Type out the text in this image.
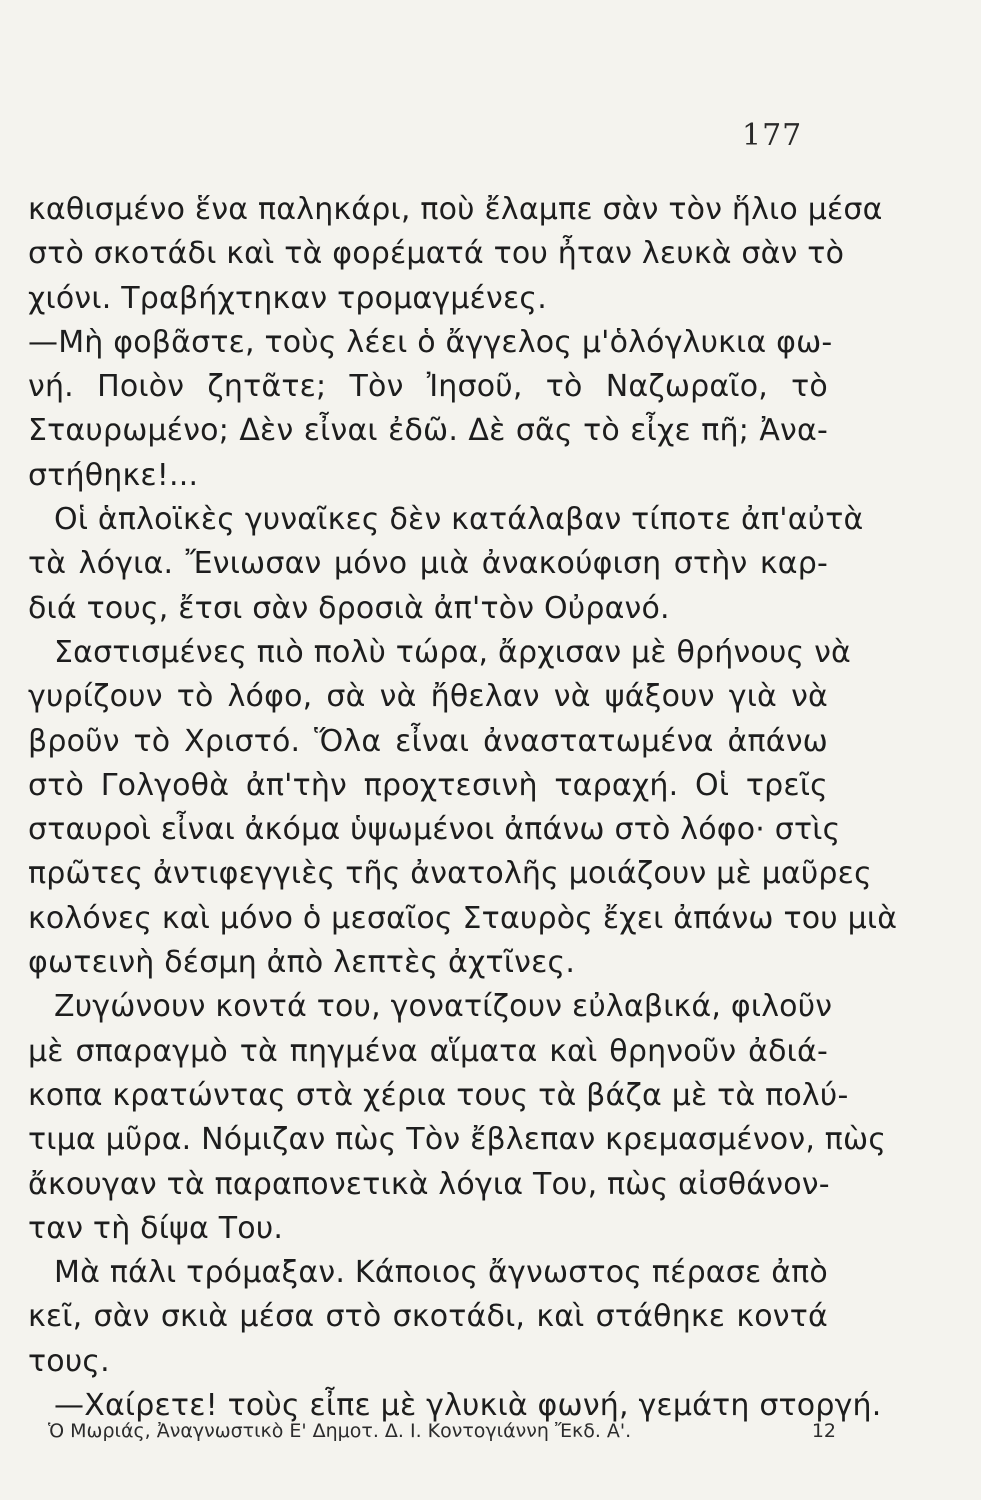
177
καθισμένο ἕνα παληκάρι, ποὺ ἔλαμπε σὰν τὸν ἥλιο μέσα
στὸ σκοτάδι καὶ τὰ φορέματά του ἦταν λευκὰ σὰν τὸ
χιόνι. Τραβήχτηκαν τρομαγμένες.
—Μὴ φοβᾶστε, τοὺς λέει ὁ ἄγγελος μ'ὁλόγλυκια φω-
νή. Ποιὸν ζητᾶτε; Τὸν Ἰησοῦ, τὸ Ναζωραῖο, τὸ
Σταυρωμένο; Δὲν εἶναι ἐδῶ. Δὲ σᾶς τὸ εἶχε πῆ; Ἀνα-
στήθηκε!...
Οἱ ἁπλοϊκὲς γυναῖκες δὲν κατάλαβαν τίποτε ἀπ'αὐτὰ
τὰ λόγια. Ἔνιωσαν μόνο μιὰ ἀνακούφιση στὴν καρ-
διά τους, ἔτσι σὰν δροσιὰ ἀπ'τὸν Οὐρανό.
Σαστισμένες πιὸ πολὺ τώρα, ἄρχισαν μὲ θρήνους νὰ
γυρίζουν τὸ λόφο, σὰ νὰ ἤθελαν νὰ ψάξουν γιὰ νὰ
βροῦν τὸ Χριστό. Ὅλα εἶναι ἀναστατωμένα ἀπάνω
στὸ Γολγοθὰ ἀπ'τὴν προχτεσινὴ ταραχή. Οἱ τρεῖς
σταυροὶ εἶναι ἀκόμα ὑψωμένοι ἀπάνω στὸ λόφο· στὶς
πρῶτες ἀντιφεγγιὲς τῆς ἀνατολῆς μοιάζουν μὲ μαῦρες
κολόνες καὶ μόνο ὁ μεσαῖος Σταυρὸς ἔχει ἀπάνω του μιὰ
φωτεινὴ δέσμη ἀπὸ λεπτὲς ἀχτῖνες.
Ζυγώνουν κοντά του, γονατίζουν εὐλαβικά, φιλοῦν
μὲ σπαραγμὸ τὰ πηγμένα αἵματα καὶ θρηνοῦν ἀδιά-
κοπα κρατώντας στὰ χέρια τους τὰ βάζα μὲ τὰ πολύ-
τιμα μῦρα. Νόμιζαν πὼς Τὸν ἔβλεπαν κρεμασμένον, πὼς
ἄκουγαν τὰ παραπονετικὰ λόγια Του, πὼς αἰσθάνον-
ταν τὴ δίψα Του.
Μὰ πάλι τρόμαξαν. Κάποιος ἄγνωστος πέρασε ἀπὸ
κεῖ, σὰν σκιὰ μέσα στὸ σκοτάδι, καὶ στάθηκε κοντά
τους.
—Χαίρετε! τοὺς εἶπε μὲ γλυκιὰ φωνή, γεμάτη στοργή.
Ὁ Μωριάς, Ἀναγνωστικὸ Ε' Δημοτ. Δ. Ι. Κοντογιάννη Ἔκδ. Α'.	12
